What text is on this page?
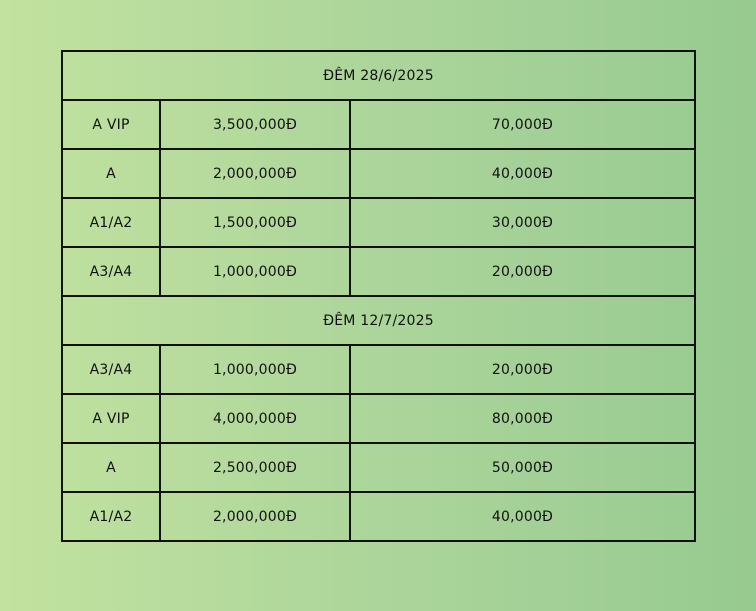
ĐÊM 28/6/2025		
A VIP	3,500,000Đ	70,000Đ
A	2,000,000Đ	40,000Đ
A1/A2	1,500,000Đ	30,000Đ
A3/A4	1,000,000Đ	20,000Đ
ĐÊM 12/7/2025		
A3/A4	1,000,000Đ	20,000Đ
A VIP	4,000,000Đ	80,000Đ
A	2,500,000Đ	50,000Đ
A1/A2	2,000,000Đ	40,000Đ
